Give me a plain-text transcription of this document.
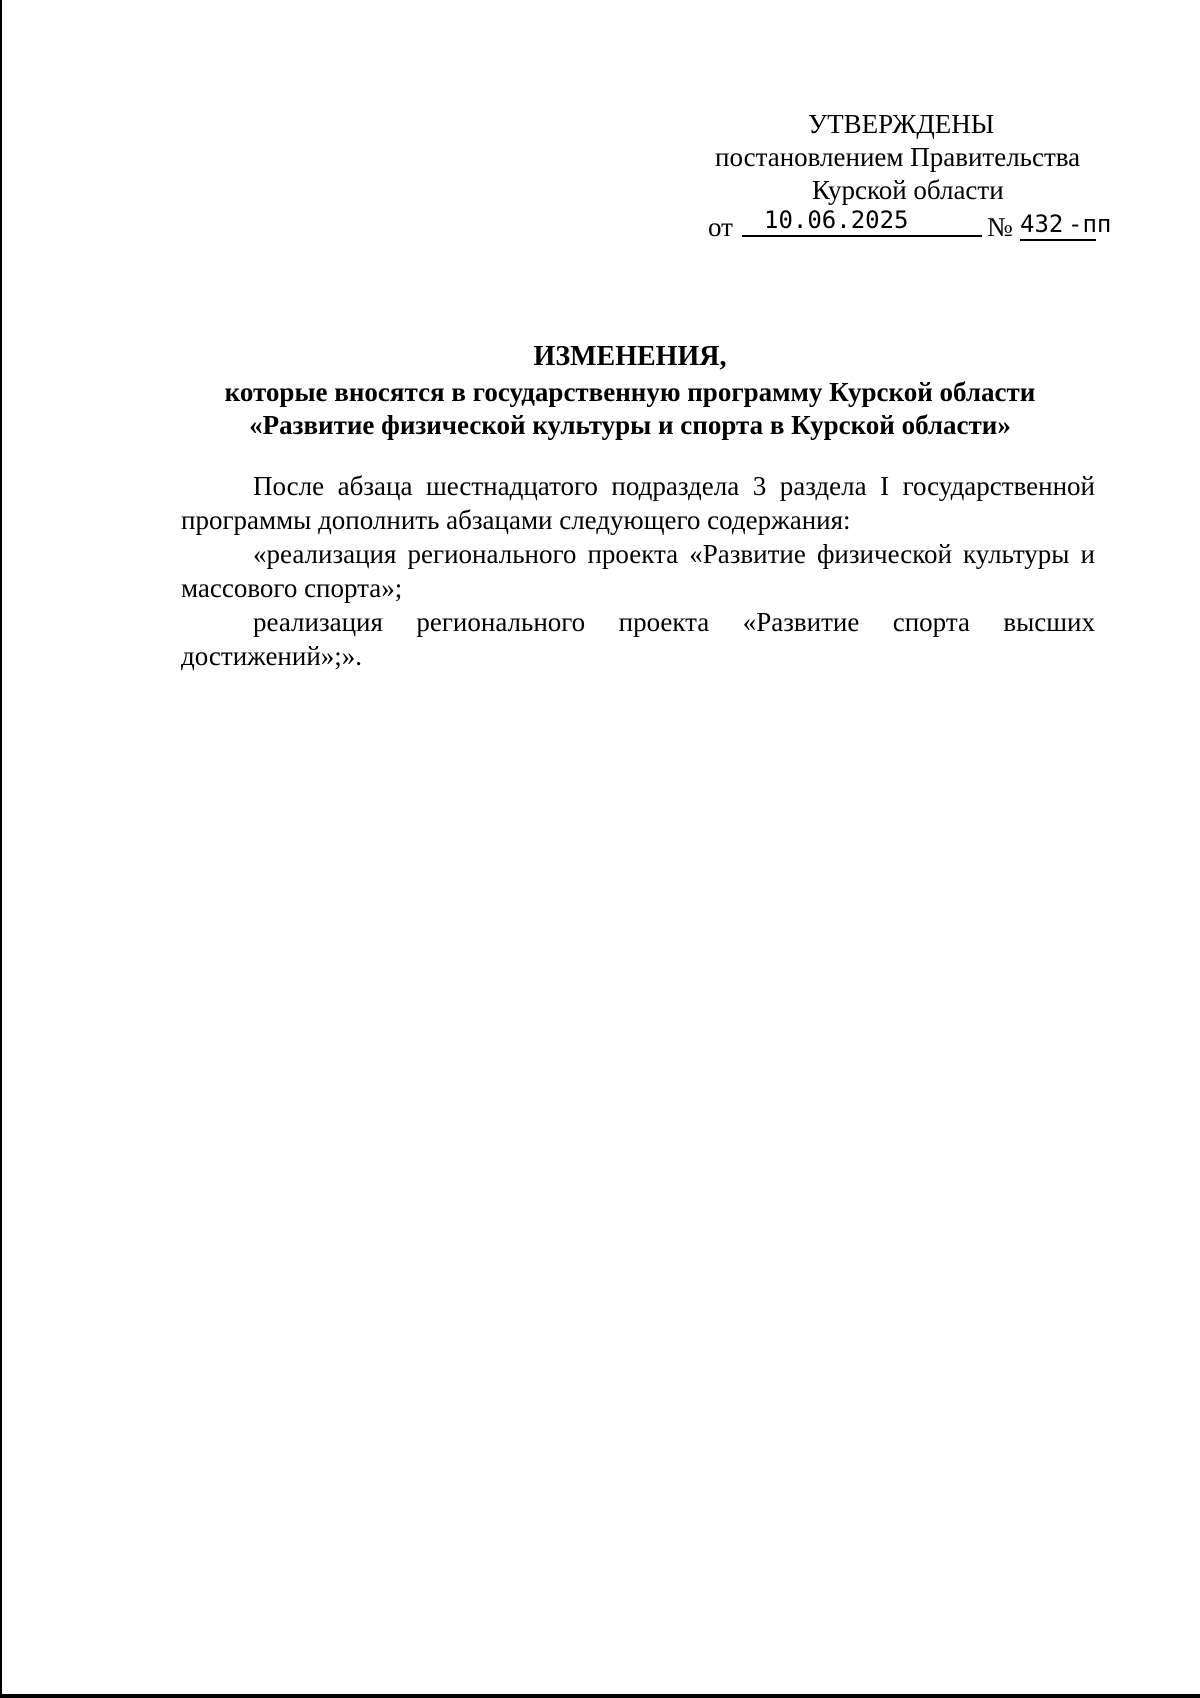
УТВЕРЖДЕНЫ
постановлением Правительства
Курской области
от	10.06.2025	№ 432 -пп
ИЗМЕНЕНИЯ,
которые вносятся в государственную программу Курской области
«Развитие физической культуры и спорта в Курской области»

После абзаца шестнадцатого подраздела 3 раздела I государственной программы дополнить абзацами следующего содержания:

«реализация регионального проекта «Развитие физической культуры и массового спорта»;

реализация регионального проекта «Развитие спорта высших достижений»;».
